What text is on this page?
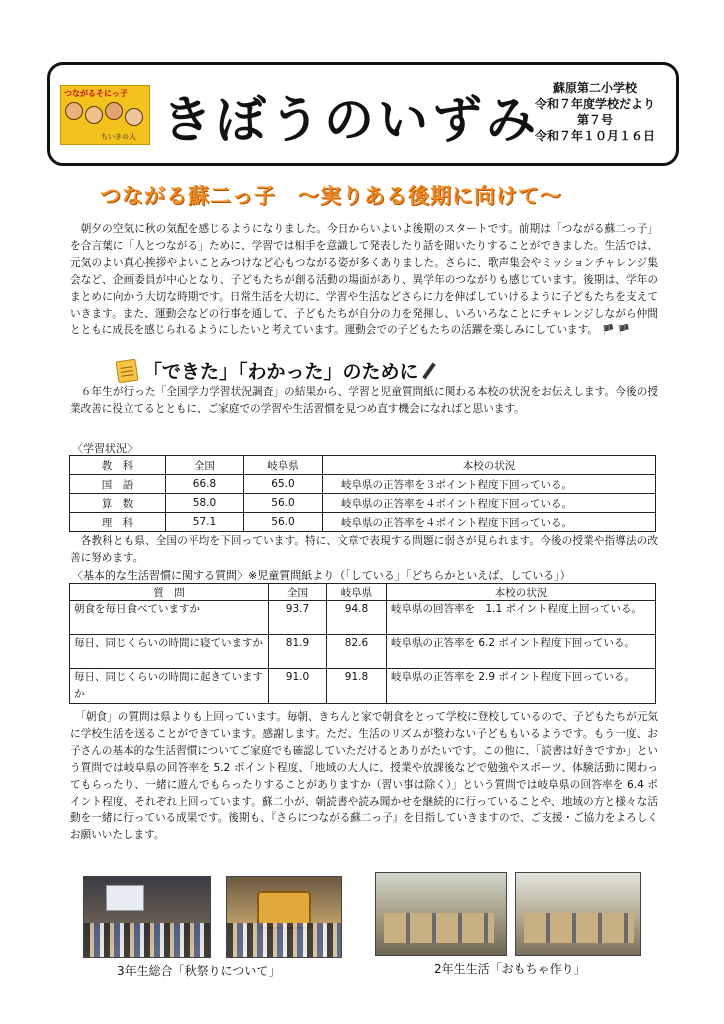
つながるそにっ子
ちいきの人 きぼうのいずみ
蘇原第二小学校
令和７年度学校だより
第７号
令和７年１０月１６日
つながる蘇二っ子　～実りある後期に向けて～
　朝夕の空気に秋の気配を感じるようになりました。今日からいよいよ後期のスタートです。前期は「つながる蘇二っ子」を合言葉に「人とつながる」ために、学習では相手を意識して発表したり話を聞いたりすることができました。生活では、元気のよい真心挨拶やよいことみつけなど心もつながる姿が多くありました。さらに、歌声集会やミッションチャレンジ集会など、企画委員が中心となり、子どもたちが創る活動の場面があり、異学年のつながりも感じています。後期は、学年のまとめに向かう大切な時期です。日常生活を大切に、学習や生活などさらに力を伸ばしていけるように子どもたちを支えていきます。また、運動会などの行事を通して、子どもたちが自分の力を発揮し、いろいろなことにチャレンジしながら仲間とともに成長を感じられるようにしたいと考えています。運動会での子どもたちの活躍を楽しみにしています。 🏴 🏴
「できた」「わかった」のために
　６年生が行った「全国学力学習状況調査」の結果から、学習と児童質問紙に関わる本校の状況をお伝えします。今後の授業改善に役立てるとともに、ご家庭での学習や生活習慣を見つめ直す機会になればと思います。
〈学習状況〉
教　科	全国	岐阜県	本校の状況
国　語	66.8	65.0	岐阜県の正答率を３ポイント程度下回っている。
算　数	58.0	56.0	岐阜県の正答率を４ポイント程度下回っている。
理　科	57.1	56.0	岐阜県の正答率を４ポイント程度下回っている。
　各教科とも県、全国の平均を下回っています。特に、文章で表現する問題に弱さが見られます。今後の授業や指導法の改善に努めます。
〈基本的な生活習慣に関する質問〉※児童質問紙より（「している」「どちらかといえば、している」）
質　問	全国	岐阜県	本校の状況
朝食を毎日食べていますか	93.7	94.8	岐阜県の回答率を　1.1 ポイント程度上回っている。
毎日、同じくらいの時間に寝ていますか	81.9	82.6	岐阜県の正答率を 6.2 ポイント程度下回っている。
毎日、同じくらいの時間に起きていますか	91.0	91.8	岐阜県の正答率を 2.9 ポイント程度下回っている。
　「朝食」の質問は県よりも上回っています。毎朝、きちんと家で朝食をとって学校に登校しているので、子どもたちが元気に学校生活を送ることができています。感謝します。ただ、生活のリズムが整わない子どももいるようです。もう一度、お子さんの基本的な生活習慣についてご家庭でも確認していただけるとありがたいです。この他に、「読書は好きですか」という質問では岐阜県の回答率を 5.2 ポイント程度、「地域の大人に、授業や放課後などで勉強やスポーツ、体験活動に関わってもらったり、一緒に遊んでもらったりすることがありますか（習い事は除く）」という質問では岐阜県の回答率を 6.4 ポイント程度、それぞれ上回っています。蘇二小が、朝読書や読み聞かせを継続的に行っていることや、地域の方と様々な活動を一緒に行っている成果です。後期も、『さらにつながる蘇二っ子』を目指していきますので、ご支援・ご協力をよろしくお願いいたします。
3年生総合「秋祭りについて」	2年生生活「おもちゃ作り」
